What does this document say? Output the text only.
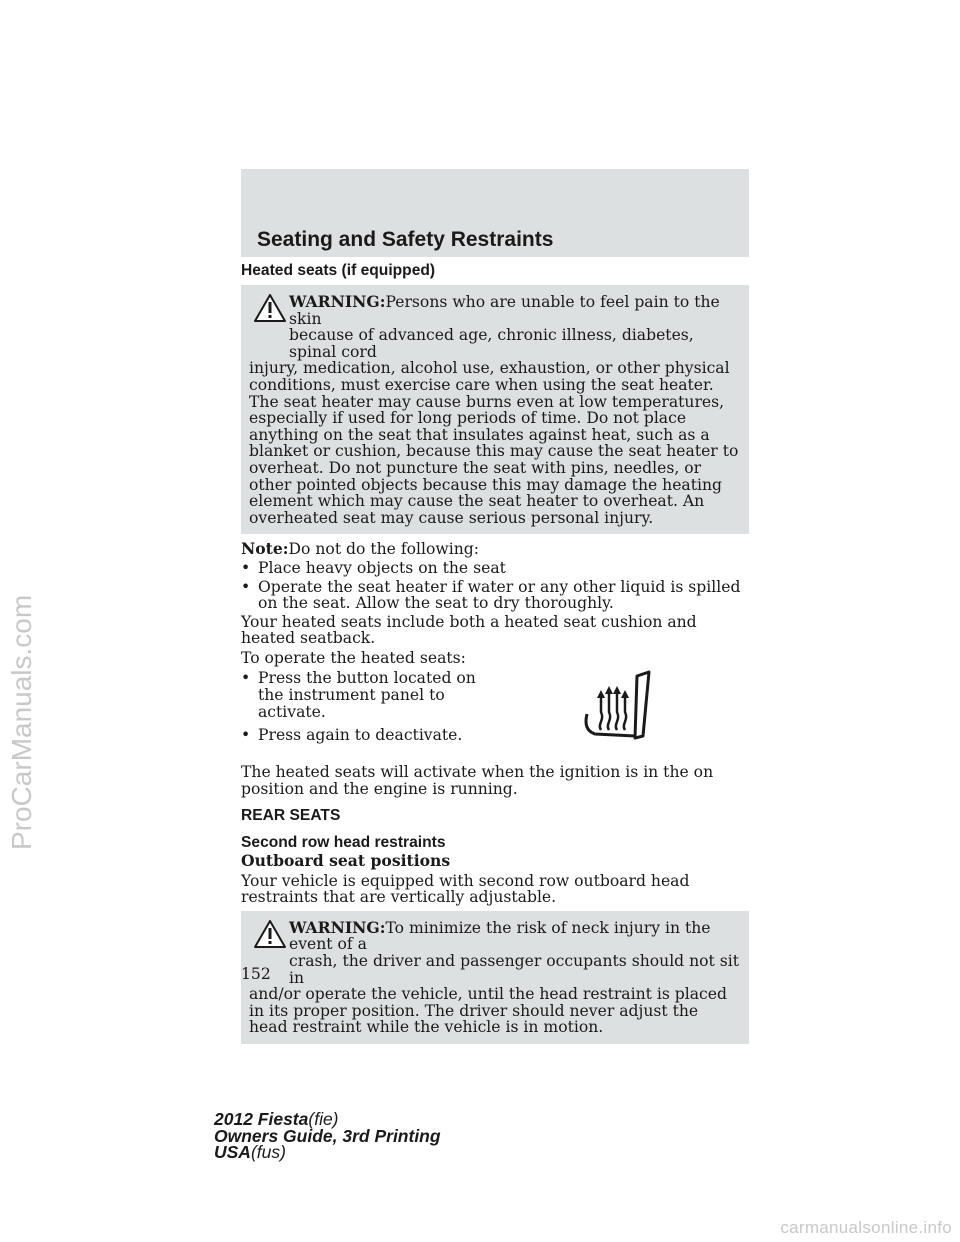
Seating and Safety Restraints
Heated seats (if equipped)

WARNING:Persons who are unable to feel pain to the skin

because of advanced age, chronic illness, diabetes, spinal cord

injury, medication, alcohol use, exhaustion, or other physical conditions, must exercise care when using the seat heater. The seat heater may cause burns even at low temperatures, especially if used for long periods of time. Do not place anything on the seat that insulates against heat, such as a blanket or cushion, because this may cause the seat heater to overheat. Do not puncture the seat with pins, needles, or other pointed objects because this may damage the heating element which may cause the seat heater to overheat. An overheated seat may cause serious personal injury.

Note:Do not do the following:

• Place heavy objects on the seat
• Operate the seat heater if water or any other liquid is spilled on the seat. Allow the seat to dry thoroughly.

Your heated seats include both a heated seat cushion and heated seatback.

To operate the heated seats:

• Press the button located on the instrument panel to activate.
• Press again to deactivate.

The heated seats will activate when the ignition is in the on position and the engine is running.

REAR SEATS
Second row head restraints
Outboard seat positions

Your vehicle is equipped with second row outboard head restraints that are vertically adjustable.

WARNING:To minimize the risk of neck injury in the event of a

crash, the driver and passenger occupants should not sit in

and/or operate the vehicle, until the head restraint is placed in its proper position. The driver should never adjust the head restraint while the vehicle is in motion.

152
2012 Fiesta(fie)
Owners Guide, 3rd Printing
USA(fus)
ProCarManuals.com
carmanualsonline.info
